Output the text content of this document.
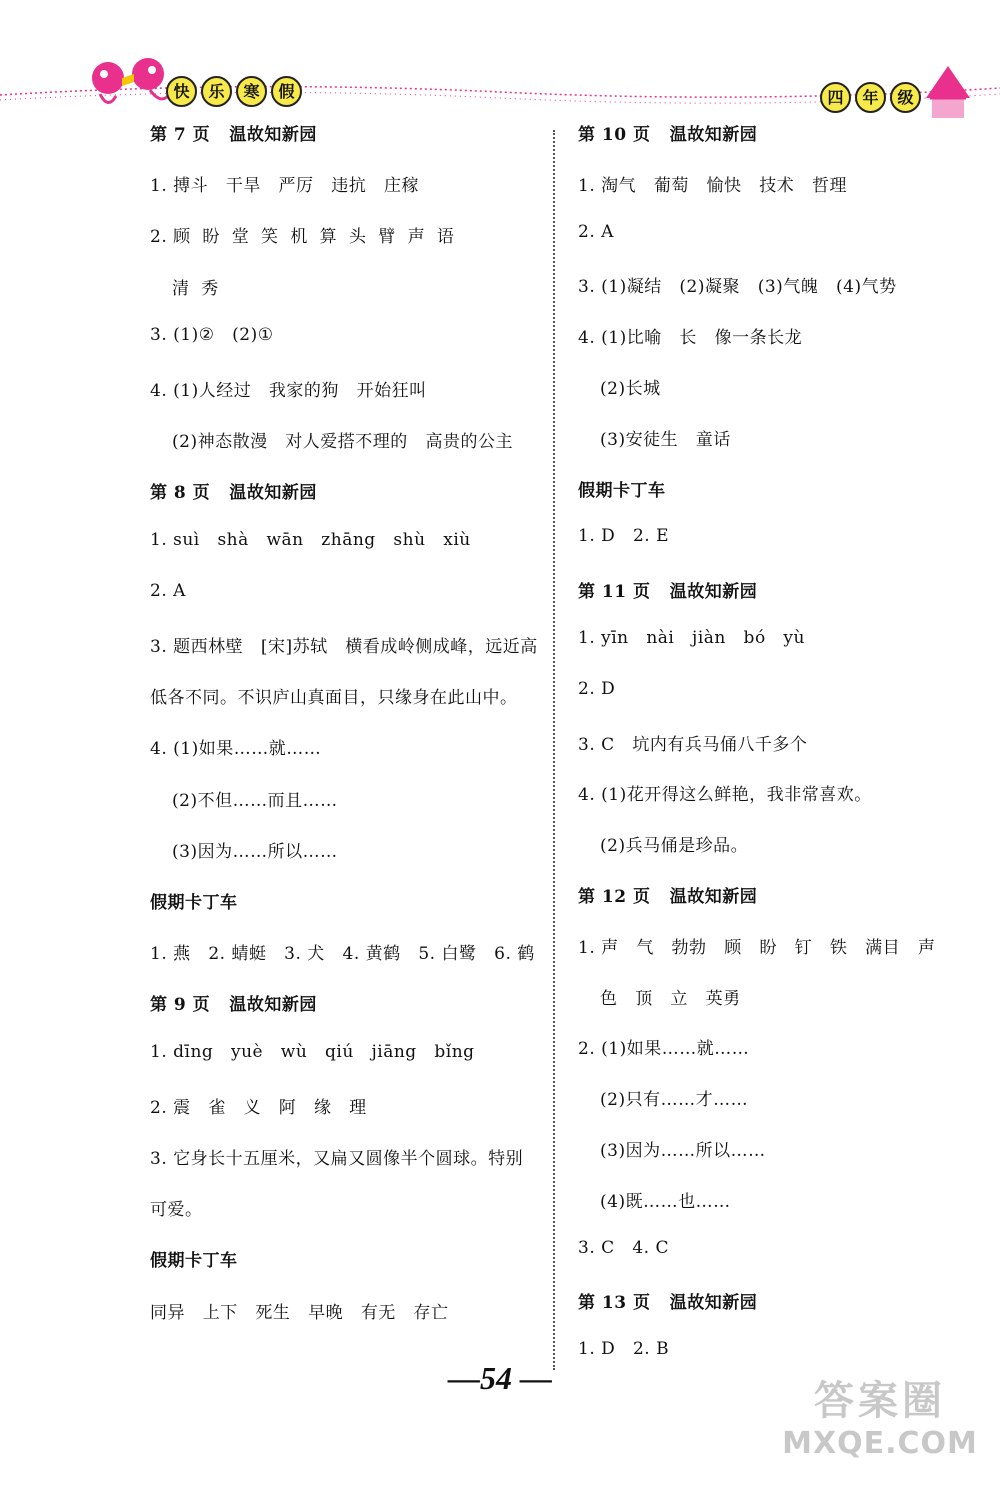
快	乐	寒	假	四	年	级
第 7 页   温故知新园
1. 搏斗   干旱   严厉   违抗   庄稼
2. 顾  盼  堂  笑  机  算  头  臂  声  语
清  秀
3. (1)②   (2)①
4. (1)人经过   我家的狗   开始狂叫
(2)神态散漫   对人爱搭不理的   高贵的公主
第 8 页   温故知新园
1. suì   shà   wān   zhāng   shù   xiù
2. A
3. 题西林壁   [宋]苏轼   横看成岭侧成峰，远近高
低各不同。不识庐山真面目，只缘身在此山中。
4. (1)如果……就……
(2)不但……而且……
(3)因为……所以……
假期卡丁车
1. 燕   2. 蜻蜓   3. 犬   4. 黄鹤   5. 白鹭   6. 鹤
第 9 页   温故知新园
1. dīng   yuè   wù   qiú   jiāng   bǐng
2. 震   雀   义   阿   缘   理
3. 它身长十五厘米，又扁又圆像半个圆球。特别
可爱。
假期卡丁车
同异   上下   死生   早晚   有无   存亡
第 10 页   温故知新园
1. 淘气   葡萄   愉快   技术   哲理
2. A
3. (1)凝结   (2)凝聚   (3)气魄   (4)气势
4. (1)比喻   长   像一条长龙
(2)长城
(3)安徒生   童话
假期卡丁车
1. D   2. E
第 11 页   温故知新园
1. yīn   nài   jiàn   bó   yù
2. D
3. C   坑内有兵马俑八千多个
4. (1)花开得这么鲜艳，我非常喜欢。
(2)兵马俑是珍品。
第 12 页   温故知新园
1. 声   气   勃勃   顾   盼   钉   铁   满目   声
色   顶   立   英勇
2. (1)如果……就……
(2)只有……才……
(3)因为……所以……
(4)既……也……
3. C   4. C
第 13 页   温故知新园
1. D   2. B
—54 —	答案圈
MXQE.COM
